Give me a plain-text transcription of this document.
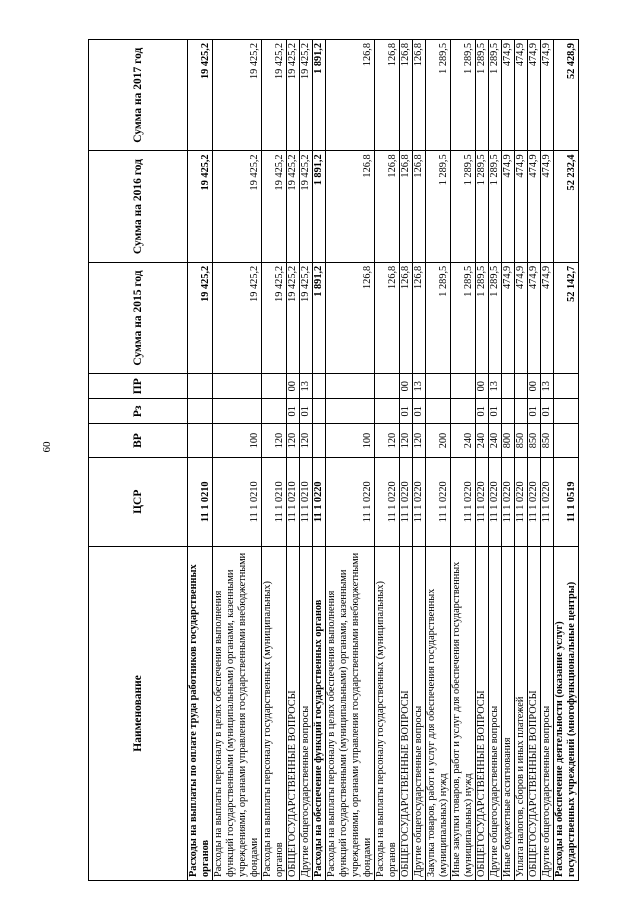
60
Наименование	ЦСР	ВР	Рз	ПР	Сумма на 2015 год	Сумма на 2016 год	Сумма на 2017 год
Расходы на выплаты по оплате труда работников государственных органов	11 1 0210				19 425,2	19 425,2	19 425,2
Расходы на выплаты персоналу в целях обеспечения выполнения функций государственными (муниципальными) органами, казенными учреждениями, органами управления государственными внебюджетными фондами	11 1 0210	100			19 425,2	19 425,2	19 425,2
Расходы на выплаты персоналу государственных (муниципальных) органов	11 1 0210	120			19 425,2	19 425,2	19 425,2
ОБЩЕГОСУДАРСТВЕННЫЕ ВОПРОСЫ	11 1 0210	120	01	00	19 425,2	19 425,2	19 425,2
Другие общегосударственные вопросы	11 1 0210	120	01	13	19 425,2	19 425,2	19 425,2
Расходы на обеспечение функций государственных органов	11 1 0220				1 891,2	1 891,2	1 891,2
Расходы на выплаты персоналу в целях обеспечения выполнения функций государственными (муниципальными) органами, казенными учреждениями, органами управления государственными внебюджетными фондами	11 1 0220	100			126,8	126,8	126,8
Расходы на выплаты персоналу государственных (муниципальных) органов	11 1 0220	120			126,8	126,8	126,8
ОБЩЕГОСУДАРСТВЕННЫЕ ВОПРОСЫ	11 1 0220	120	01	00	126,8	126,8	126,8
Другие общегосударственные вопросы	11 1 0220	120	01	13	126,8	126,8	126,8
Закупка товаров, работ и услуг для обеспечения государственных (муниципальных) нужд	11 1 0220	200			1 289,5	1 289,5	1 289,5
Иные закупки товаров, работ и услуг для обеспечения государственных (муниципальных) нужд	11 1 0220	240			1 289,5	1 289,5	1 289,5
ОБЩЕГОСУДАРСТВЕННЫЕ ВОПРОСЫ	11 1 0220	240	01	00	1 289,5	1 289,5	1 289,5
Другие общегосударственные вопросы	11 1 0220	240	01	13	1 289,5	1 289,5	1 289,5
Иные бюджетные ассигнования	11 1 0220	800			474,9	474,9	474,9
Уплата налогов, сборов и иных платежей	11 1 0220	850			474,9	474,9	474,9
ОБЩЕГОСУДАРСТВЕННЫЕ ВОПРОСЫ	11 1 0220	850	01	00	474,9	474,9	474,9
Другие общегосударственные вопросы	11 1 0220	850	01	13	474,9	474,9	474,9
Расходы на обеспечение деятельности (оказание услуг) государственных учреждений (многофункциональные центры)	11 1 0519				52 142,7	52 232,4	52 428,9
